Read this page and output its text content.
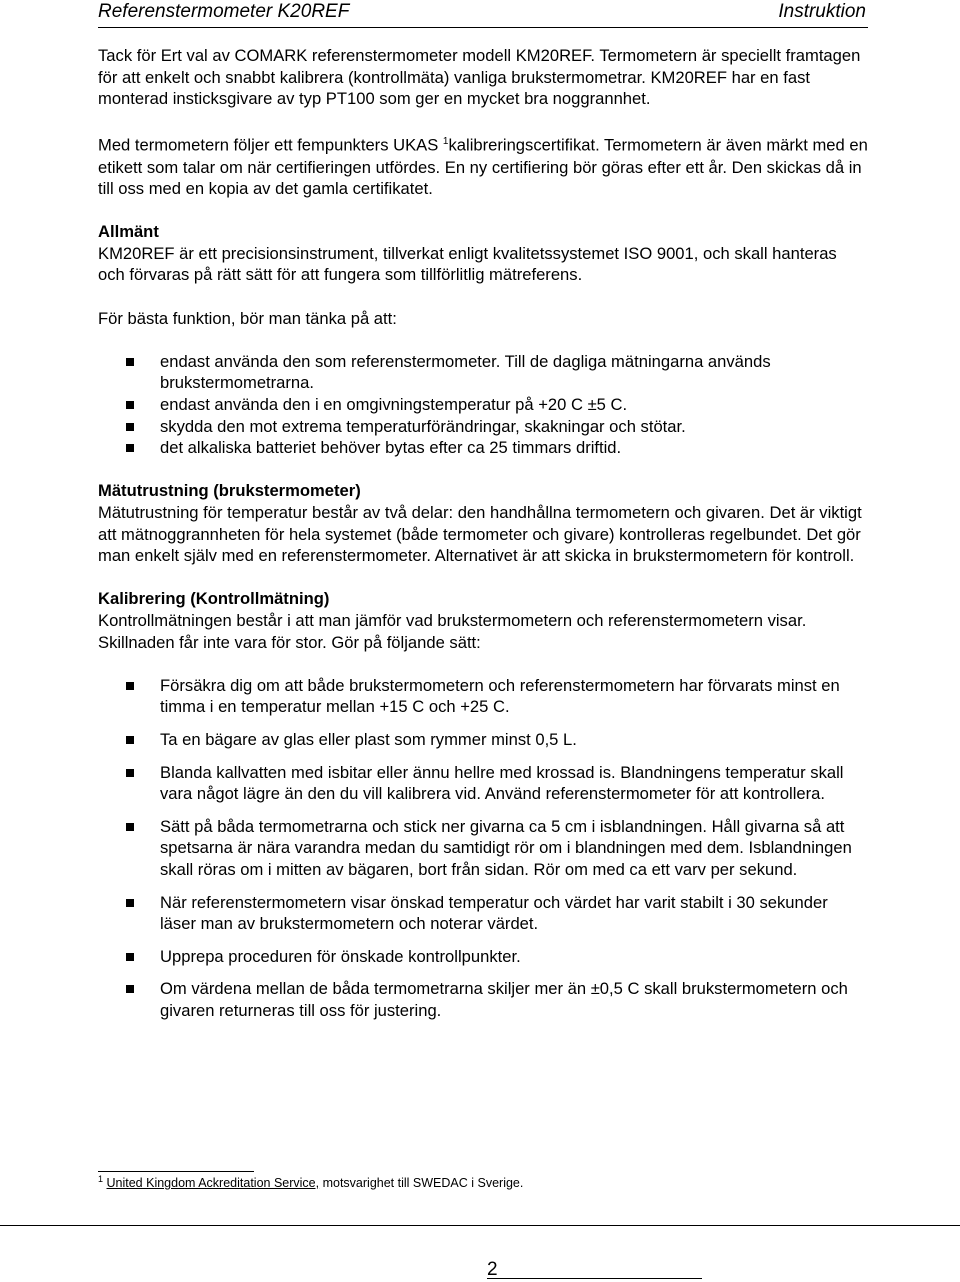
Referenstermometer K20REF	Instruktion

Tack för Ert val av COMARK referenstermometer modell KM20REF. Termometern är speciellt framtagen för att enkelt och snabbt kalibrera (kontrollmäta) vanliga brukstermometrar. KM20REF har en fast monterad insticksgivare av typ PT100 som ger en mycket bra noggrannhet.

Med termometern följer ett fempunkters UKAS $^1$kalibreringscertifikat. Termometern är även märkt med en etikett som talar om när certifieringen utfördes. En ny certifiering bör göras efter ett år. Den skickas då in till oss med en kopia av det gamla certifikatet.

Allmänt

KM20REF är ett precisionsinstrument, tillverkat enligt kvalitetssystemet ISO 9001, och skall hanteras och förvaras på rätt sätt för att fungera som tillförlitlig mätreferens.

För bästa funktion, bör man tänka på att:

endast använda den som referenstermometer. Till de dagliga mätningarna används brukstermometrarna.
endast använda den i en omgivningstemperatur på +20 C ±5 C.
skydda den mot extrema temperaturförändringar, skakningar och stötar.
det alkaliska batteriet behöver bytas efter ca 25 timmars driftid.

Mätutrustning (brukstermometer)

Mätutrustning för temperatur består av två delar: den handhållna termometern och givaren. Det är viktigt att mätnoggrannheten för hela systemet (både termometer och givare) kontrolleras regelbundet. Det gör man enkelt själv med en referenstermometer. Alternativet är att skicka in brukstermometern för kontroll.

Kalibrering (Kontrollmätning)

Kontrollmätningen består i att man jämför vad brukstermometern och referenstermometern visar. Skillnaden får inte vara för stor. Gör på följande sätt:

Försäkra dig om att både brukstermometern och referenstermometern har förvarats minst en timma i en temperatur mellan +15 C och +25 C.
Ta en bägare av glas eller plast som rymmer minst 0,5 L.
Blanda kallvatten med isbitar eller ännu hellre med krossad is. Blandningens temperatur skall vara något lägre än den du vill kalibrera vid. Använd referenstermometer för att kontrollera.
Sätt på båda termometrarna och stick ner givarna ca 5 cm i isblandningen. Håll givarna så att spetsarna är nära varandra medan du samtidigt rör om i blandningen med dem. Isblandningen skall röras om i mitten av bägaren, bort från sidan. Rör om med ca ett varv per sekund.
När referenstermometern visar önskad temperatur och värdet har varit stabilt i 30 sekunder läser man av brukstermometern och noterar värdet.
Upprepa proceduren för önskade kontrollpunkter.
Om värdena mellan de båda termometrarna skiljer mer än ±0,5 C skall brukstermometern och givaren returneras till oss för justering.
$^1$ United Kingdom Ackreditation Service, motsvarighet till SWEDAC i Sverige.
2
